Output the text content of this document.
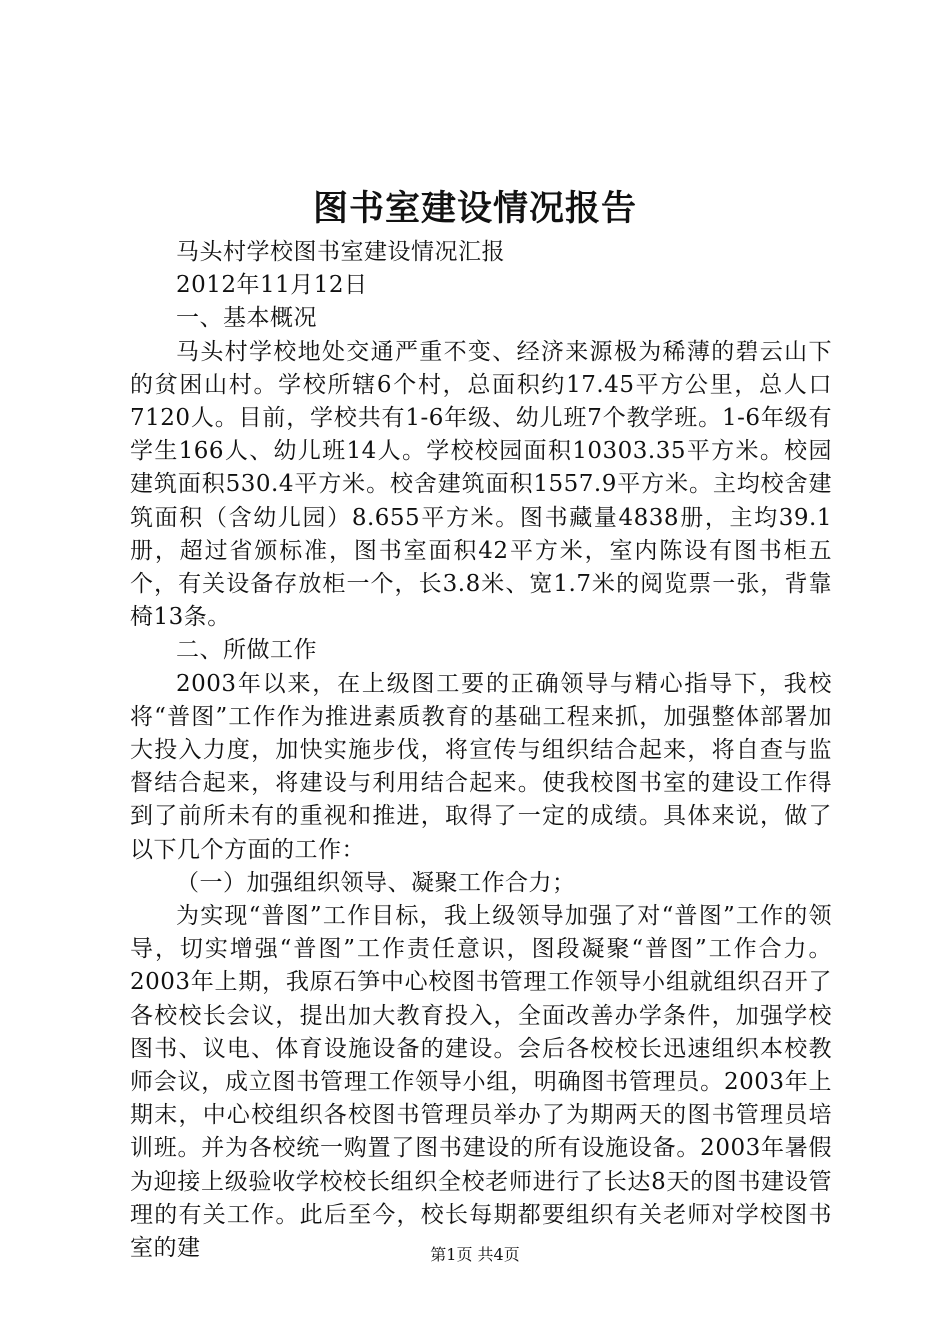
图书室建设情况报告

马头村学校图书室建设情况汇报

2012年11月12日

一、基本概况

马头村学校地处交通严重不变、经济来源极为稀薄的碧云山下的贫困山村。学校所辖6个村，总面积约17.45平方公里，总人口7120人。目前，学校共有1-6年级、幼儿班7个教学班。1-6年级有学生166人、幼儿班14人。学校校园面积10303.35平方米。校园建筑面积530.4平方米。校舍建筑面积1557.9平方米。主均校舍建筑面积（含幼儿园）8.655平方米。图书藏量4838册，主均39.1册，超过省颁标准，图书室面积42平方米，室内陈设有图书柜五个，有关设备存放柜一个，长3.8米、宽1.7米的阅览票一张，背靠椅13条。

二、所做工作

2003年以来，在上级图工要的正确领导与精心指导下，我校将“普图”工作作为推进素质教育的基础工程来抓，加强整体部署加大投入力度，加快实施步伐，将宣传与组织结合起来，将自查与监督结合起来，将建设与利用结合起来。使我校图书室的建设工作得到了前所未有的重视和推进，取得了一定的成绩。具体来说，做了以下几个方面的工作：

（一）加强组织领导、凝聚工作合力；

为实现“普图”工作目标，我上级领导加强了对“普图”工作的领导，切实增强“普图”工作责任意识，图段凝聚“普图”工作合力。2003年上期，我原石笋中心校图书管理工作领导小组就组织召开了各校校长会议，提出加大教育投入，全面改善办学条件，加强学校图书、议电、体育设施设备的建设。会后各校校长迅速组织本校教师会议，成立图书管理工作领导小组，明确图书管理员。2003年上期末，中心校组织各校图书管理员举办了为期两天的图书管理员培训班。并为各校统一购置了图书建设的所有设施设备。2003年暑假为迎接上级验收学校校长组织全校老师进行了长达8天的图书建设管理的有关工作。此后至今，校长每期都要组织有关老师对学校图书室的建	第1页 共4页
